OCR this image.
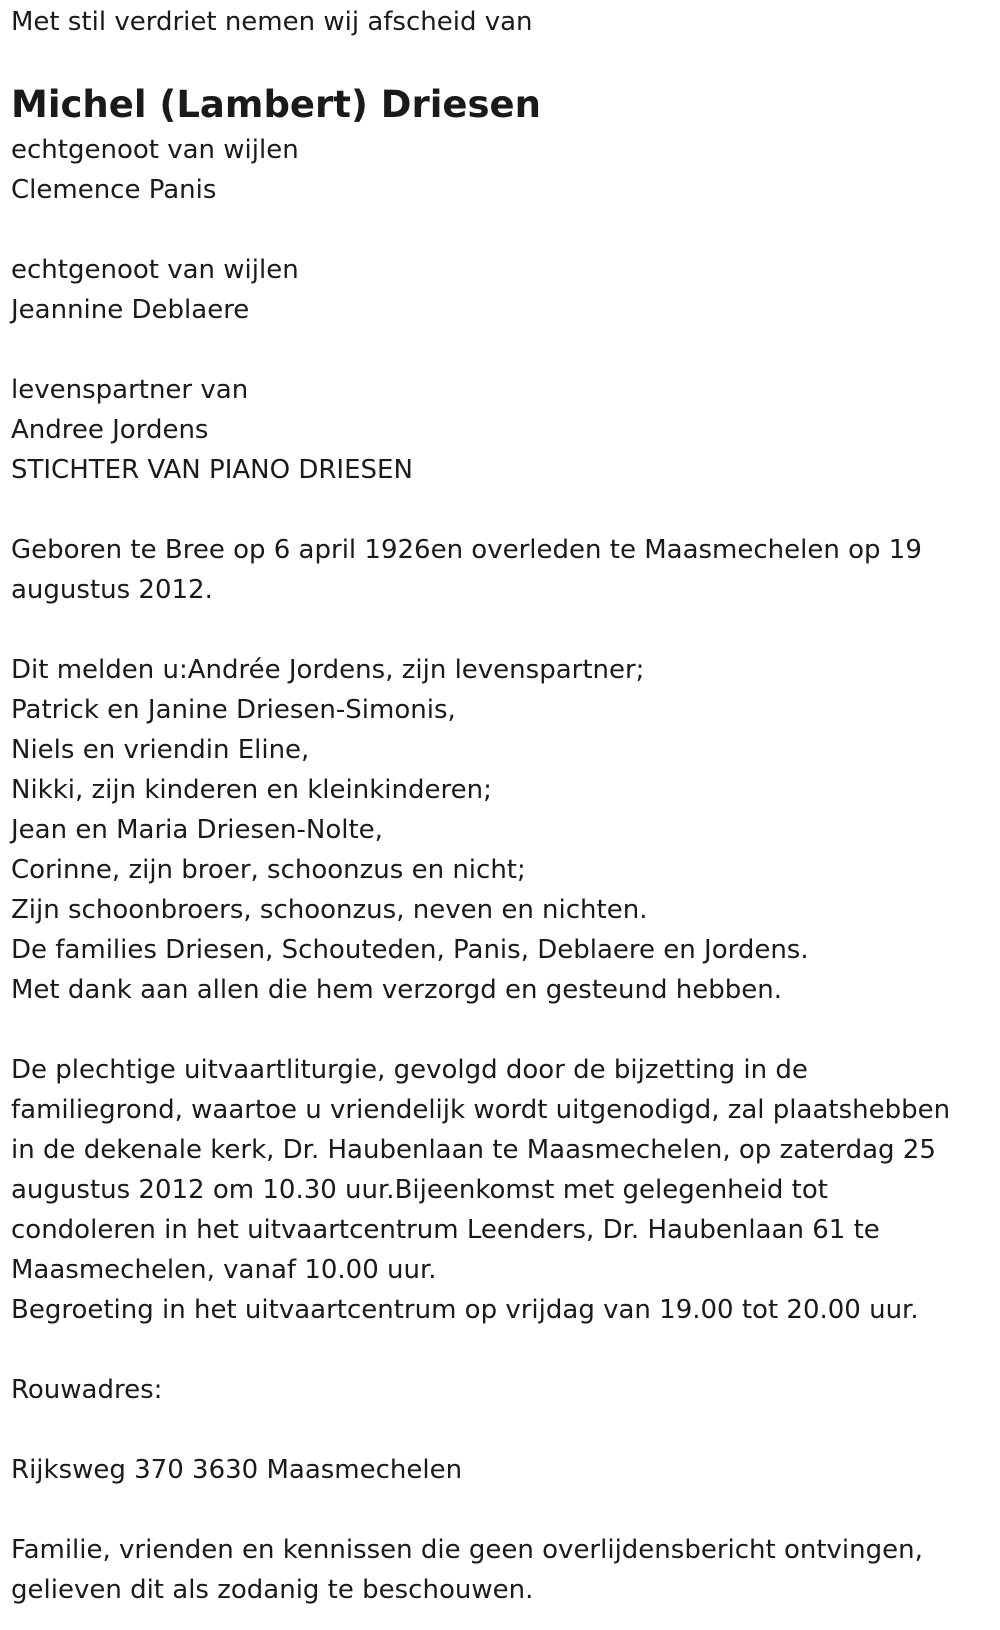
Met stil verdriet nemen wij afscheid van
Michel (Lambert) Driesen
echtgenoot van wijlen
Clemence Panis
echtgenoot van wijlen
Jeannine Deblaere
levenspartner van
Andree Jordens
STICHTER VAN PIANO DRIESEN
Geboren te Bree op 6 april 1926en overleden te Maasmechelen op 19
augustus 2012.
Dit melden u:Andrée Jordens, zijn levenspartner;
Patrick en Janine Driesen-Simonis,
Niels en vriendin Eline,
Nikki, zijn kinderen en kleinkinderen;
Jean en Maria Driesen-Nolte,
Corinne, zijn broer, schoonzus en nicht;
Zijn schoonbroers, schoonzus, neven en nichten.
De families Driesen, Schouteden, Panis, Deblaere en Jordens.
Met dank aan allen die hem verzorgd en gesteund hebben.
De plechtige uitvaartliturgie, gevolgd door de bijzetting in de
familiegrond, waartoe u vriendelijk wordt uitgenodigd, zal plaatshebben
in de dekenale kerk, Dr. Haubenlaan te Maasmechelen, op zaterdag 25
augustus 2012 om 10.30 uur.Bijeenkomst met gelegenheid tot
condoleren in het uitvaartcentrum Leenders, Dr. Haubenlaan 61 te
Maasmechelen, vanaf 10.00 uur.
Begroeting in het uitvaartcentrum op vrijdag van 19.00 tot 20.00 uur.
Rouwadres:
Rijksweg 370 3630 Maasmechelen
Familie, vrienden en kennissen die geen overlijdensbericht ontvingen,
gelieven dit als zodanig te beschouwen.
